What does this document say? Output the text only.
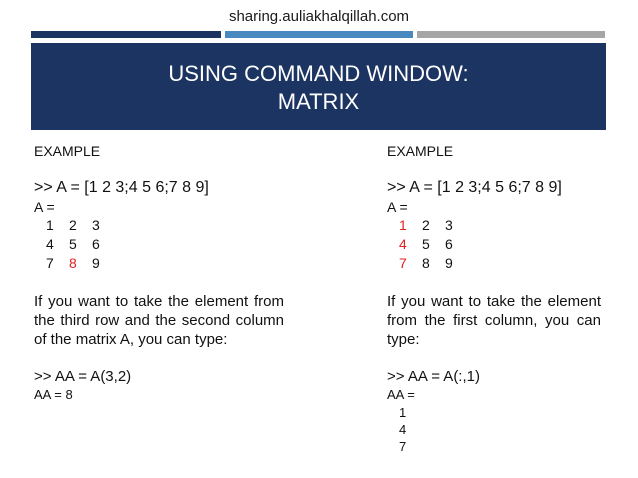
sharing.auliakhalqillah.com
USING COMMAND WINDOW:
MATRIX
EXAMPLE
>> A = [1 2 3;4 5 6;7 8 9]
A =
1 2 3
4 5 6
7 8 9
If you want to take the element from the third row and the second column of the matrix A, you can type:
>> AA = A(3,2)
AA = 8
EXAMPLE
>> A = [1 2 3;4 5 6;7 8 9]
A =
1 2 3
4 5 6
7 8 9
If you want to take the element from the first column, you can type:
>> AA = A(:,1)
AA =
1
4
7
